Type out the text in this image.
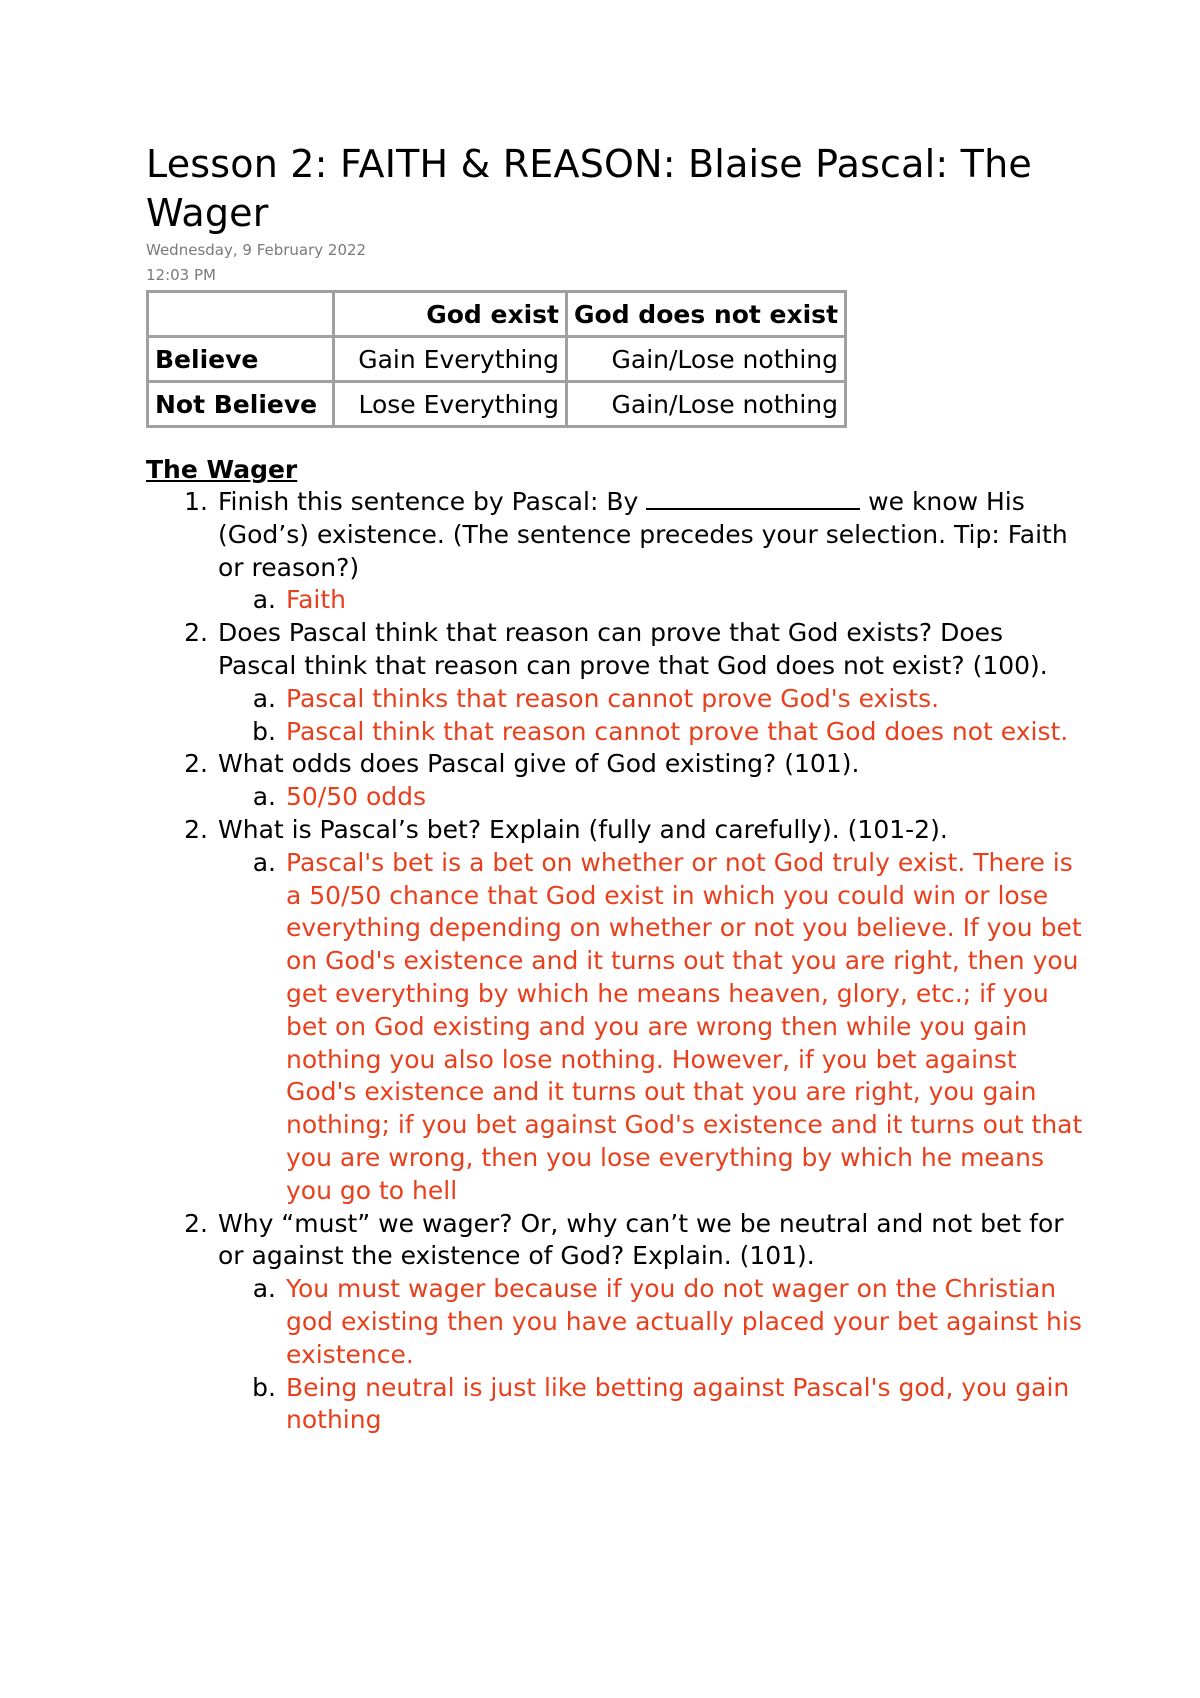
Lesson 2: FAITH & REASON: Blaise Pascal: The Wager

Wednesday, 9 February 2022

12:03 PM

	God exist	God does not exist
Believe	Gain Everything	Gain/Lose nothing
Not Believe	Lose Everything	Gain/Lose nothing
The Wager
1. Finish this sentence by Pascal: By	we know His (God’s) existence. (The sentence precedes your selection. Tip: Faith or reason?)
a. Faith
2. Does Pascal think that reason can prove that God exists? Does Pascal think that reason can prove that God does not exist? (100).
a. Pascal thinks that reason cannot prove God's exists.
b. Pascal think that reason cannot prove that God does not exist.
2. What odds does Pascal give of God existing? (101).
a. 50/50 odds
2. What is Pascal’s bet? Explain (fully and carefully). (101-2).
a. Pascal's bet is a bet on whether or not God truly exist. There is a 50/50 chance that God exist in which you could win or lose everything depending on whether or not you believe. If you bet on God's existence and it turns out that you are right, then you get everything by which he means heaven, glory, etc.; if you bet on God existing and you are wrong then while you gain nothing you also lose nothing. However, if you bet against God's existence and it turns out that you are right, you gain nothing; if you bet against God's existence and it turns out that you are wrong, then you lose everything by which he means you go to hell
2. Why “must” we wager? Or, why can’t we be neutral and not bet for or against the existence of God? Explain. (101).
a. You must wager because if you do not wager on the Christian god existing then you have actually placed your bet against his existence.
b. Being neutral is just like betting against Pascal's god, you gain nothing
